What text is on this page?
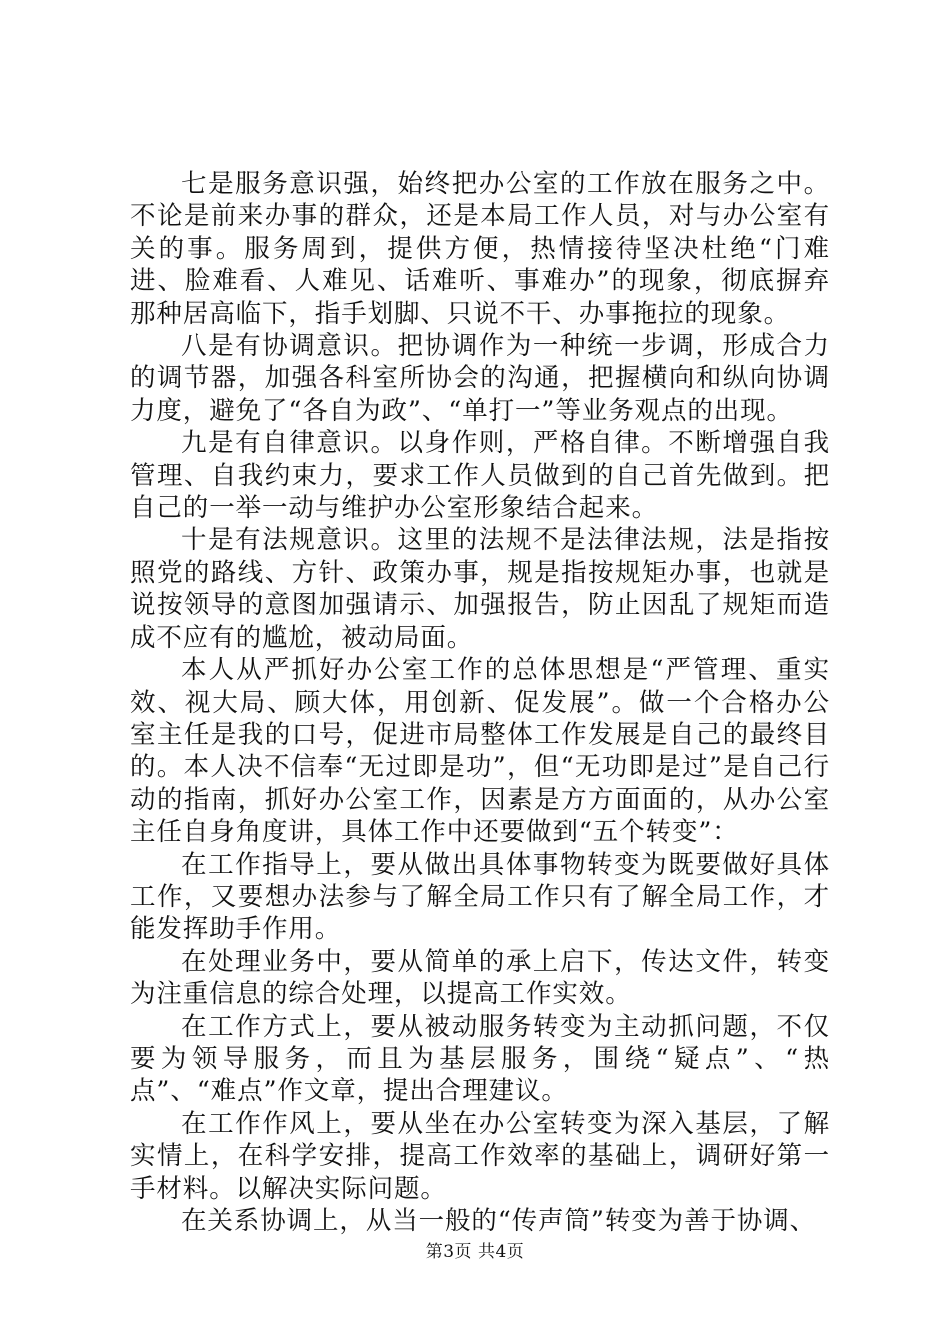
七是服务意识强，始终把办公室的工作放在服务之中。不论是前来办事的群众，还是本局工作人员，对与办公室有关的事。服务周到，提供方便，热情接待坚决杜绝“门难进、脸难看、人难见、话难听、事难办”的现象，彻底摒弃那种居高临下，指手划脚、只说不干、办事拖拉的现象。

八是有协调意识。把协调作为一种统一步调，形成合力的调节器，加强各科室所协会的沟通，把握横向和纵向协调力度，避免了“各自为政”、“单打一”等业务观点的出现。

九是有自律意识。以身作则，严格自律。不断增强自我管理、自我约束力，要求工作人员做到的自己首先做到。把自己的一举一动与维护办公室形象结合起来。

十是有法规意识。这里的法规不是法律法规，法是指按照党的路线、方针、政策办事，规是指按规矩办事，也就是说按领导的意图加强请示、加强报告，防止因乱了规矩而造成不应有的尴尬，被动局面。

本人从严抓好办公室工作的总体思想是“严管理、重实效、视大局、顾大体，用创新、促发展”。做一个合格办公室主任是我的口号，促进市局整体工作发展是自己的最终目的。本人决不信奉“无过即是功”，但“无功即是过”是自己行动的指南，抓好办公室工作，因素是方方面面的，从办公室主任自身角度讲，具体工作中还要做到“五个转变”：

在工作指导上，要从做出具体事物转变为既要做好具体工作，又要想办法参与了解全局工作只有了解全局工作，才能发挥助手作用。

在处理业务中，要从简单的承上启下，传达文件，转变为注重信息的综合处理，以提高工作实效。

在工作方式上，要从被动服务转变为主动抓问题，不仅要为领导服务，而且为基层服务，围绕“疑点”、“热点”、“难点”作文章，提出合理建议。

在工作作风上，要从坐在办公室转变为深入基层，了解实情上，在科学安排，提高工作效率的基础上，调研好第一手材料。以解决实际问题。

在关系协调上，从当一般的“传声筒”转变为善于协调、

第3页 共4页
